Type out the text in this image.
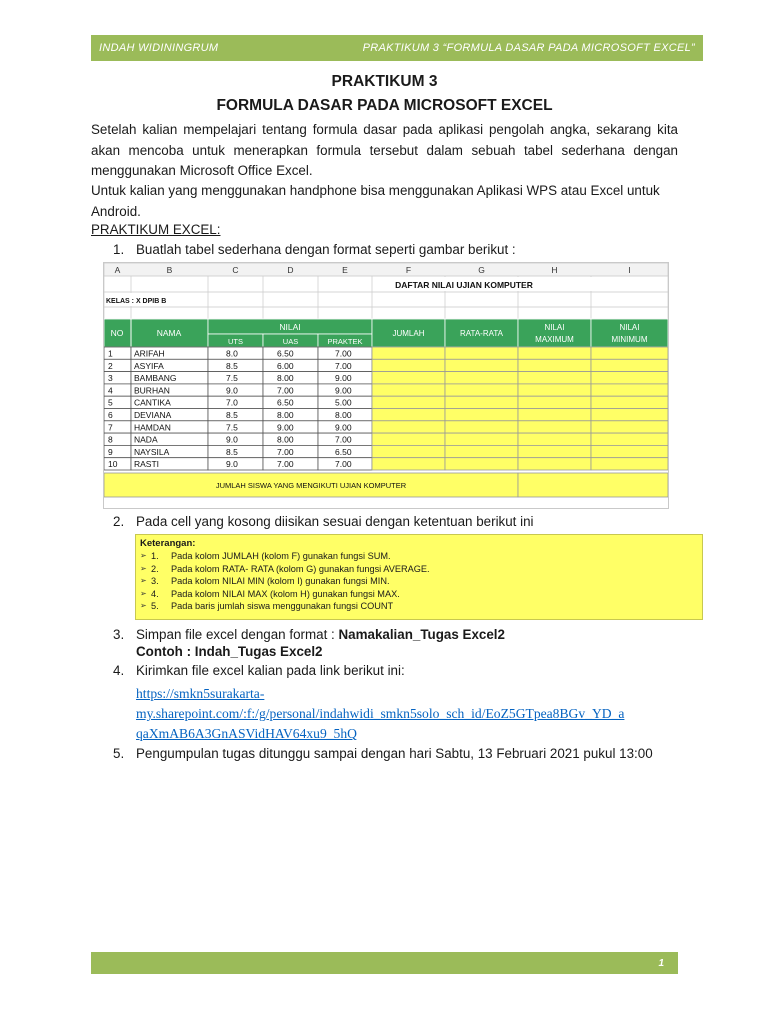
INDAH WIDININGRUM	PRAKTIKUM 3 “FORMULA DASAR PADA MICROSOFT EXCEL”
PRAKTIKUM 3
FORMULA DASAR PADA MICROSOFT EXCEL
Setelah kalian mempelajari tentang formula dasar pada aplikasi pengolah angka, sekarang kita akan mencoba untuk menerapkan formula tersebut dalam sebuah tabel sederhana dengan menggunakan Microsoft Office Excel.
Untuk kalian yang menggunakan handphone bisa menggunakan Aplikasi WPS atau Excel untuk Android.
PRAKTIKUM EXCEL:
1. Buatlah tabel sederhana dengan format seperti gambar berikut :
A	B	C	D	E	F	G	H	I
DAFTAR NILAI UJIAN KOMPUTER
KELAS : X DPIB B
NO	NAMA
NILAI
UTS	UAS	PRAKTEK
JUMLAH	RATA-RATA
NILAI
MAXIMUM
NILAI
MINIMUM
1	ARIFAH	8.0	6.50	7.00
2	ASYIFA	8.5	6.00	7.00
3	BAMBANG	7.5	8.00	9.00
4	BURHAN	9.0	7.00	9.00
5	CANTIKA	7.0	6.50	5.00
6	DEVIANA	8.5	8.00	8.00
7	HAMDAN	7.5	9.00	9.00
8	NADA	9.0	8.00	7.00
9	NAYSILA	8.5	7.00	6.50
10 RASTI	9.0	7.00	7.00
JUMLAH SISWA YANG MENGIKUTI UJIAN KOMPUTER
2. Pada cell yang kosong diisikan sesuai dengan ketentuan berikut ini
Keterangan:
➢ 1.	Pada kolom JUMLAH (kolom F) gunakan fungsi SUM.
➢ 2.	Pada kolom RATA- RATA (kolom G) gunakan fungsi AVERAGE.
➢ 3.	Pada kolom NILAI MIN (kolom I) gunakan fungsi MIN.
➢ 4.	Pada kolom NILAI MAX (kolom H) gunakan fungsi MAX.
➢ 5.	Pada baris jumlah siswa menggunakan fungsi COUNT
3. Simpan file excel dengan format : Namakalian_Tugas Excel2
Contoh : Indah_Tugas Excel2
4. Kirimkan file excel kalian pada link berikut ini:
https://smkn5surakarta-
my.sharepoint.com/:f:/g/personal/indahwidi_smkn5solo_sch_id/EoZ5GTpea8BGv_YD_a
qaXmAB6A3GnASVidHAV64xu9_5hQ
5. Pengumpulan tugas ditunggu sampai dengan hari Sabtu, 13 Februari 2021 pukul 13:00
1
